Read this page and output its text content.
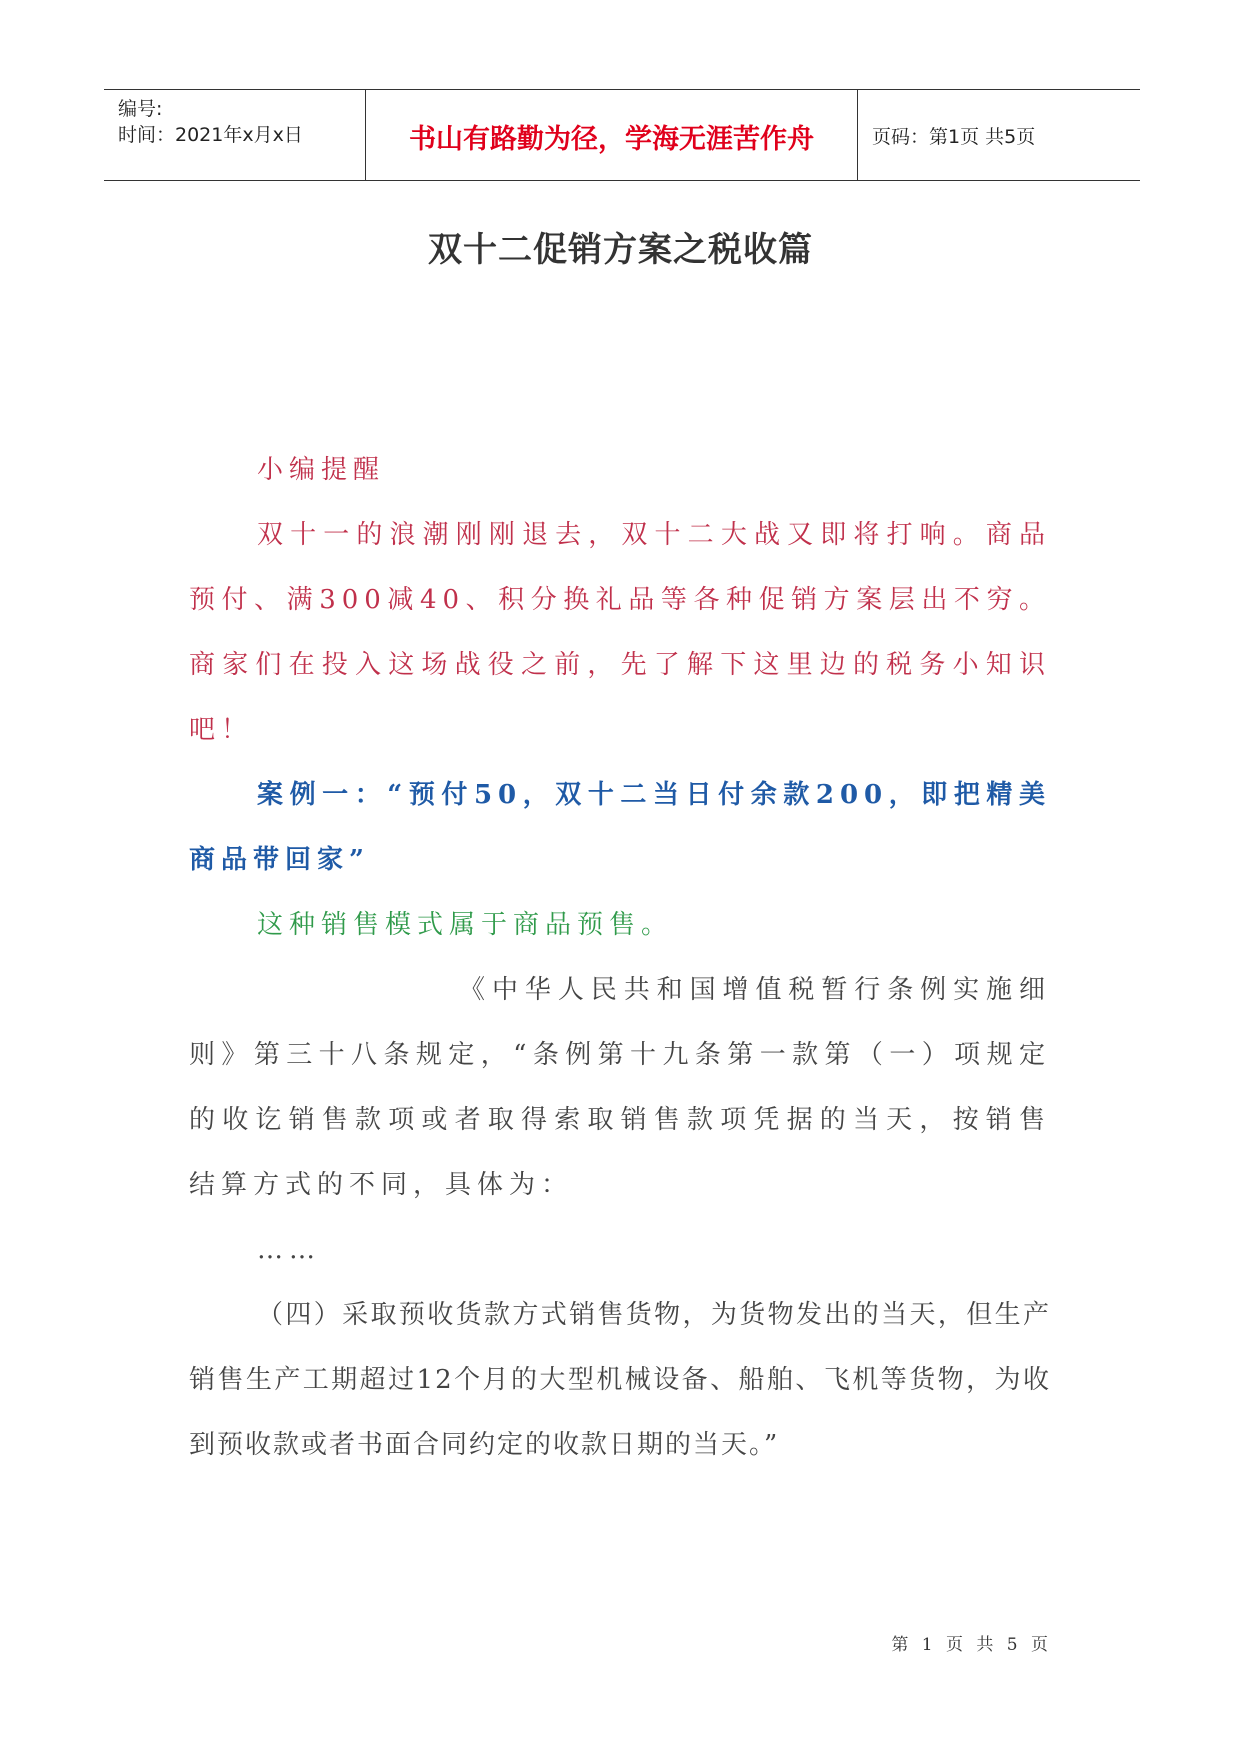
编号:
时间：2021年x月x日	书山有路勤为径，学海无涯苦作舟	页码：第1页 共5页
双十二促销方案之税收篇

小编提醒

双十一的浪潮刚刚退去，双十二大战又即将打响。商品预付、满300减40、积分换礼品等各种促销方案层出不穷。商家们在投入这场战役之前，先了解下这里边的税务小知识吧！

案例一：“预付50，双十二当日付余款200，即把精美商品带回家”

这种销售模式属于商品预售。

《中华人民共和国增值税暂行条例实施细则》第三十八条规定，“条例第十九条第一款第（一）项规定的收讫销售款项或者取得索取销售款项凭据的当天，按销售结算方式的不同，具体为：

……

（四）采取预收货款方式销售货物，为货物发出的当天，但生产销售生产工期超过12个月的大型机械设备、船舶、飞机等货物，为收到预收款或者书面合同约定的收款日期的当天。”

第 1 页 共 5 页
